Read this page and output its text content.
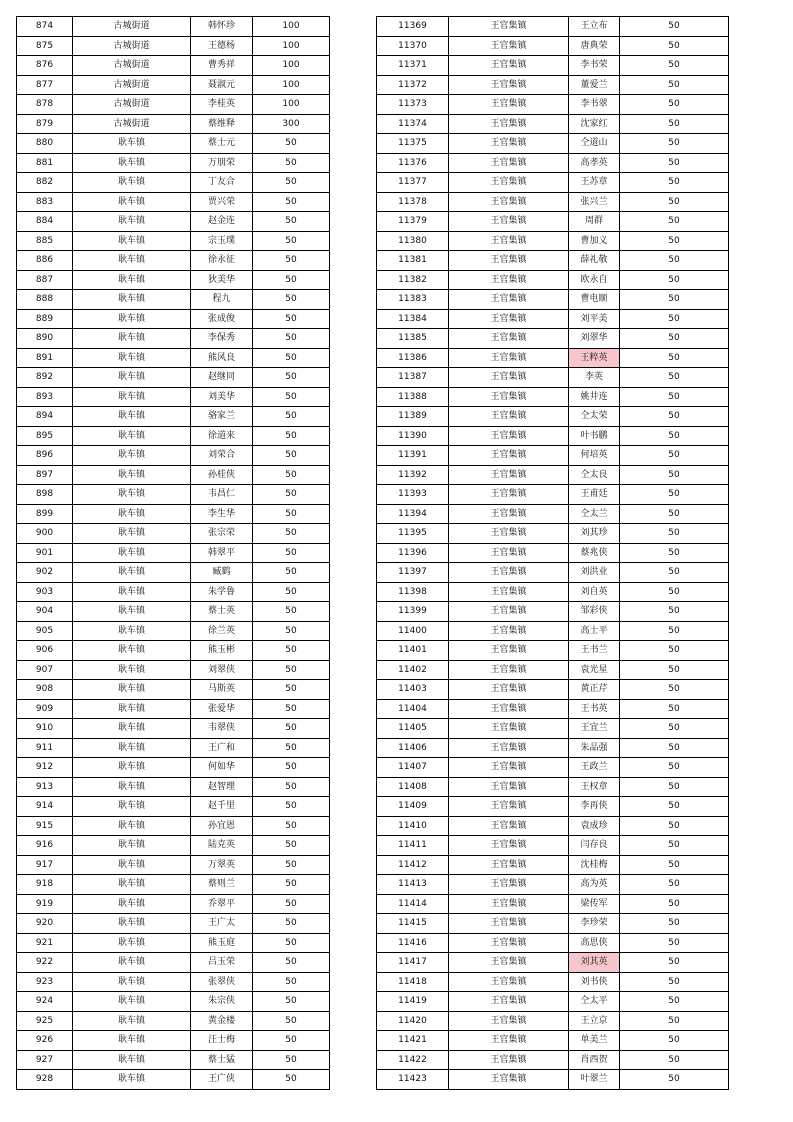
874	古城街道	韩怀珍	100
875	古城街道	王德杨	100
876	古城街道	曹秀祥	100
877	古城街道	聂淑元	100
878	古城街道	李桂英	100
879	古城街道	蔡维释	300
880	耿车镇	蔡士元	50
881	耿车镇	万朋荣	50
882	耿车镇	丁友合	50
883	耿车镇	贾兴荣	50
884	耿车镇	赵金连	50
885	耿车镇	宗玉璞	50
886	耿车镇	徐永征	50
887	耿车镇	狄美华	50
888	耿车镇	程九	50
889	耿车镇	张成俊	50
890	耿车镇	李保秀	50
891	耿车镇	熊风良	50
892	耿车镇	赵继同	50
893	耿车镇	刘美华	50
894	耿车镇	骆家兰	50
895	耿车镇	徐道来	50
896	耿车镇	刘荣合	50
897	耿车镇	孙桂侠	50
898	耿车镇	韦昌仁	50
899	耿车镇	李生华	50
900	耿车镇	张宗荣	50
901	耿车镇	韩翠平	50
902	耿车镇	臧鹤	50
903	耿车镇	朱学鲁	50
904	耿车镇	蔡士英	50
905	耿车镇	徐兰英	50
906	耿车镇	熊玉彬	50
907	耿车镇	刘翠侠	50
908	耿车镇	马斯英	50
909	耿车镇	张爱华	50
910	耿车镇	韦翠侠	50
911	耿车镇	王广和	50
912	耿车镇	何如华	50
913	耿车镇	赵智理	50
914	耿车镇	赵千里	50
915	耿车镇	孙宜恩	50
916	耿车镇	陆克英	50
917	耿车镇	万翠英	50
918	耿车镇	蔡则兰	50
919	耿车镇	乔翠平	50
920	耿车镇	王广太	50
921	耿车镇	熊玉庭	50
922	耿车镇	吕玉荣	50
923	耿车镇	张翠侠	50
924	耿车镇	朱宗侠	50
925	耿车镇	黄金楼	50
926	耿车镇	汪士梅	50
927	耿车镇	蔡士猛	50
928	耿车镇	王广侠	50
11369	王官集镇	王立布	50
11370	王官集镇	唐典荣	50
11371	王官集镇	李书荣	50
11372	王官集镇	董爱兰	50
11373	王官集镇	李书翠	50
11374	王官集镇	沈家红	50
11375	王官集镇	仝道山	50
11376	王官集镇	高孝英	50
11377	王官集镇	王苏章	50
11378	王官集镇	张兴兰	50
11379	王官集镇	周群	50
11380	王官集镇	曹加义	50
11381	王官集镇	薛礼敬	50
11382	王官集镇	欧永自	50
11383	王官集镇	曹电顺	50
11384	王官集镇	刘平美	50
11385	王官集镇	刘翠华	50
11386	王官集镇	王粹英	50
11387	王官集镇	李英	50
11388	王官集镇	姚井连	50
11389	王官集镇	仝太荣	50
11390	王官集镇	叶书鹏	50
11391	王官集镇	何培英	50
11392	王官集镇	仝太良	50
11393	王官集镇	王甫廷	50
11394	王官集镇	仝太兰	50
11395	王官集镇	刘其珍	50
11396	王官集镇	蔡兆侠	50
11397	王官集镇	刘洪业	50
11398	王官集镇	刘自英	50
11399	王官集镇	邹彩侠	50
11400	王官集镇	高士平	50
11401	王官集镇	王书兰	50
11402	王官集镇	袁光星	50
11403	王官集镇	黄正芹	50
11404	王官集镇	王书英	50
11405	王官集镇	王宜兰	50
11406	王官集镇	朱品强	50
11407	王官集镇	王政兰	50
11408	王官集镇	王权章	50
11409	王官集镇	李再侠	50
11410	王官集镇	袁成珍	50
11411	王官集镇	闫存良	50
11412	王官集镇	沈桂梅	50
11413	王官集镇	高为英	50
11414	王官集镇	梁传军	50
11415	王官集镇	李珍荣	50
11416	王官集镇	高思侠	50
11417	王官集镇	刘其英	50
11418	王官集镇	刘书侠	50
11419	王官集镇	仝太平	50
11420	王官集镇	王立京	50
11421	王官集镇	单美兰	50
11422	王官集镇	肖西贺	50
11423	王官集镇	叶翠兰	50
